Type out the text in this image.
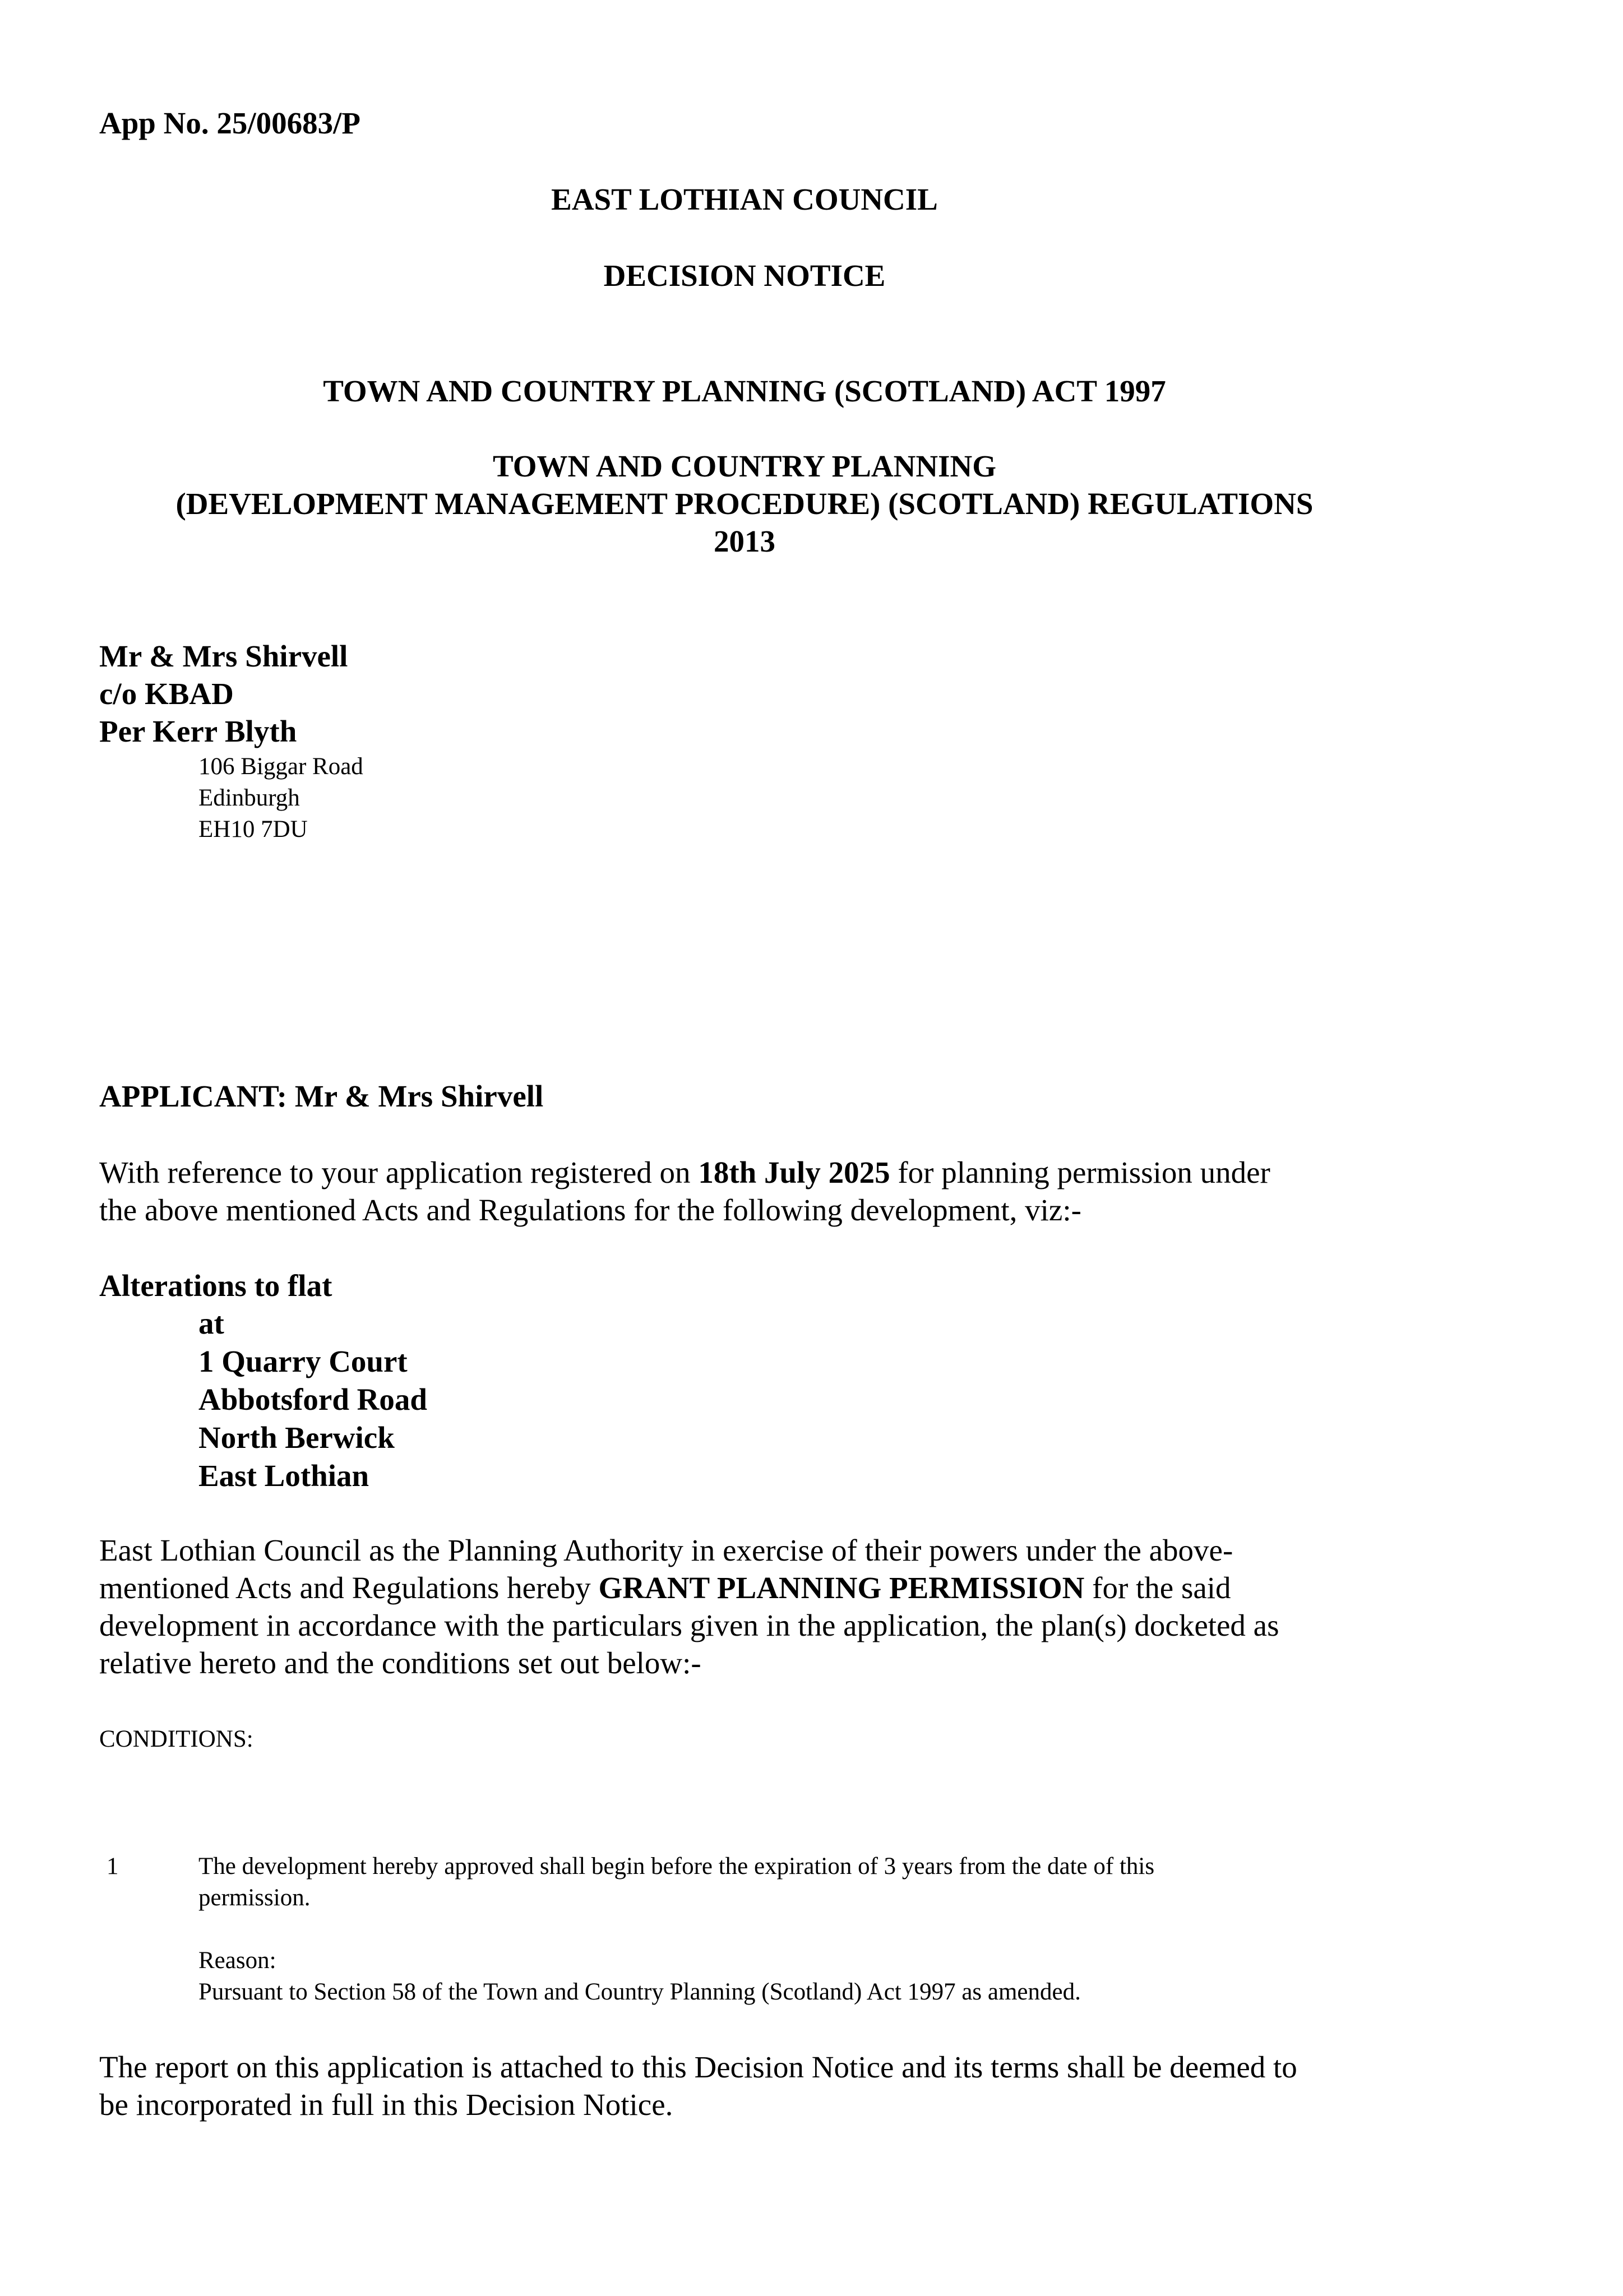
App No. 25/00683/P
EAST LOTHIAN COUNCIL
DECISION NOTICE
TOWN AND COUNTRY PLANNING (SCOTLAND) ACT 1997
TOWN AND COUNTRY PLANNING
(DEVELOPMENT MANAGEMENT PROCEDURE) (SCOTLAND) REGULATIONS
2013
Mr & Mrs Shirvell
c/o KBAD
Per Kerr Blyth
106 Biggar Road
Edinburgh
EH10 7DU
APPLICANT: Mr & Mrs Shirvell

With reference to your application registered on 18th July 2025 for planning permission under

the above mentioned Acts and Regulations for the following development, viz:-

Alterations to flat
at
1 Quarry Court
Abbotsford Road
North Berwick
East Lothian

East Lothian Council as the Planning Authority in exercise of their powers under the above-

mentioned Acts and Regulations hereby GRANT PLANNING PERMISSION for the said

development in accordance with the particulars given in the application, the plan(s) docketed as

relative hereto and the conditions set out below:-

CONDITIONS:
1	The development hereby approved shall begin before the expiration of 3 years from the date of this
permission.
Reason:
Pursuant to Section 58 of the Town and Country Planning (Scotland) Act 1997 as amended.

The report on this application is attached to this Decision Notice and its terms shall be deemed to

be incorporated in full in this Decision Notice.
